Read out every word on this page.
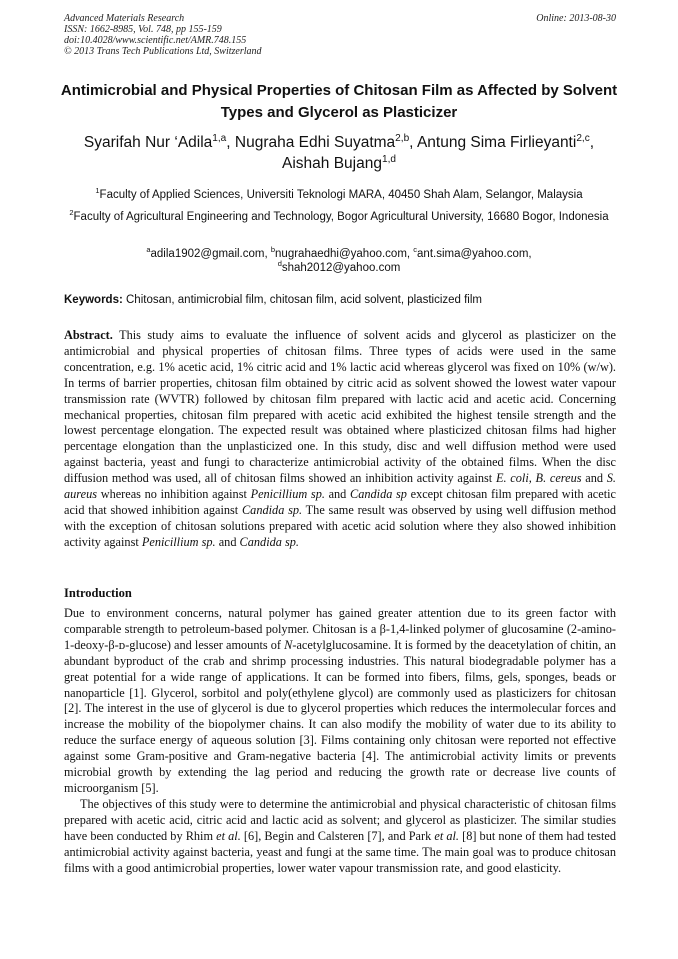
Advanced Materials Research
ISSN: 1662-8985, Vol. 748, pp 155-159
doi:10.4028/www.scientific.net/AMR.748.155
© 2013 Trans Tech Publications Ltd, Switzerland
Online: 2013-08-30
Antimicrobial and Physical Properties of Chitosan Film as Affected by Solvent Types and Glycerol as Plasticizer
Syarifah Nur ‘Adila$^{1,a}$, Nugraha Edhi Suyatma$^{2,b}$, Antung Sima Firlieyanti$^{2,c}$,
Aishah Bujang$^{1,d}$
$^1$Faculty of Applied Sciences, Universiti Teknologi MARA, 40450 Shah Alam, Selangor, Malaysia
$^2$Faculty of Agricultural Engineering and Technology, Bogor Agricultural University, 16680 Bogor, Indonesia
$^a$adila1902@gmail.com, $^b$nugrahaedhi@yahoo.com, $^c$ant.sima@yahoo.com,
$^d$shah2012@yahoo.com
Keywords: Chitosan, antimicrobial film, chitosan film, acid solvent, plasticized film

Abstract. This study aims to evaluate the influence of solvent acids and glycerol as plasticizer on the antimicrobial and physical properties of chitosan films. Three types of acids were used in the same concentration, e.g. 1% acetic acid, 1% citric acid and 1% lactic acid whereas glycerol was fixed on 10% (w/w). In terms of barrier properties, chitosan film obtained by citric acid as solvent showed the lowest water vapour transmission rate (WVTR) followed by chitosan film prepared with lactic acid and acetic acid. Concerning mechanical properties, chitosan film prepared with acetic acid exhibited the highest tensile strength and the lowest percentage elongation. The expected result was obtained where plasticized chitosan films had higher percentage elongation than the unplasticized one. In this study, disc and well diffusion method were used against bacteria, yeast and fungi to characterize antimicrobial activity of the obtained films. When the disc diffusion method was used, all of chitosan films showed an inhibition activity against E. coli, B. cereus and S. aureus whereas no inhibition against Penicillium sp. and Candida sp except chitosan film prepared with acetic acid that showed inhibition against Candida sp. The same result was observed by using well diffusion method with the exception of chitosan solutions prepared with acetic acid solution where they also showed inhibition activity against Penicillium sp. and Candida sp.

Introduction

Due to environment concerns, natural polymer has gained greater attention due to its green factor with comparable strength to petroleum-based polymer. Chitosan is a β-1,4-linked polymer of glucosamine (2-amino-1-deoxy-β-ᴅ-glucose) and lesser amounts of N-acetylglucosamine. It is formed by the deacetylation of chitin, an abundant byproduct of the crab and shrimp processing industries. This natural biodegradable polymer has a great potential for a wide range of applications. It can be formed into fibers, films, gels, sponges, beads or nanoparticle [1]. Glycerol, sorbitol and poly(ethylene glycol) are commonly used as plasticizers for chitosan [2]. The interest in the use of glycerol is due to glycerol properties which reduces the intermolecular forces and increase the mobility of the biopolymer chains. It can also modify the mobility of water due to its ability to reduce the surface energy of aqueous solution [3]. Films containing only chitosan were reported not effective against some Gram-positive and Gram-negative bacteria [4]. The antimicrobial activity limits or prevents microbial growth by extending the lag period and reducing the growth rate or decrease live counts of microorganism [5].

The objectives of this study were to determine the antimicrobial and physical characteristic of chitosan films prepared with acetic acid, citric acid and lactic acid as solvent; and glycerol as plasticizer. The similar studies have been conducted by Rhim et al. [6], Begin and Calsteren [7], and Park et al. [8] but none of them had tested antimicrobial activity against bacteria, yeast and fungi at the same time. The main goal was to produce chitosan films with a good antimicrobial properties, lower water vapour transmission rate, and good elasticity.
